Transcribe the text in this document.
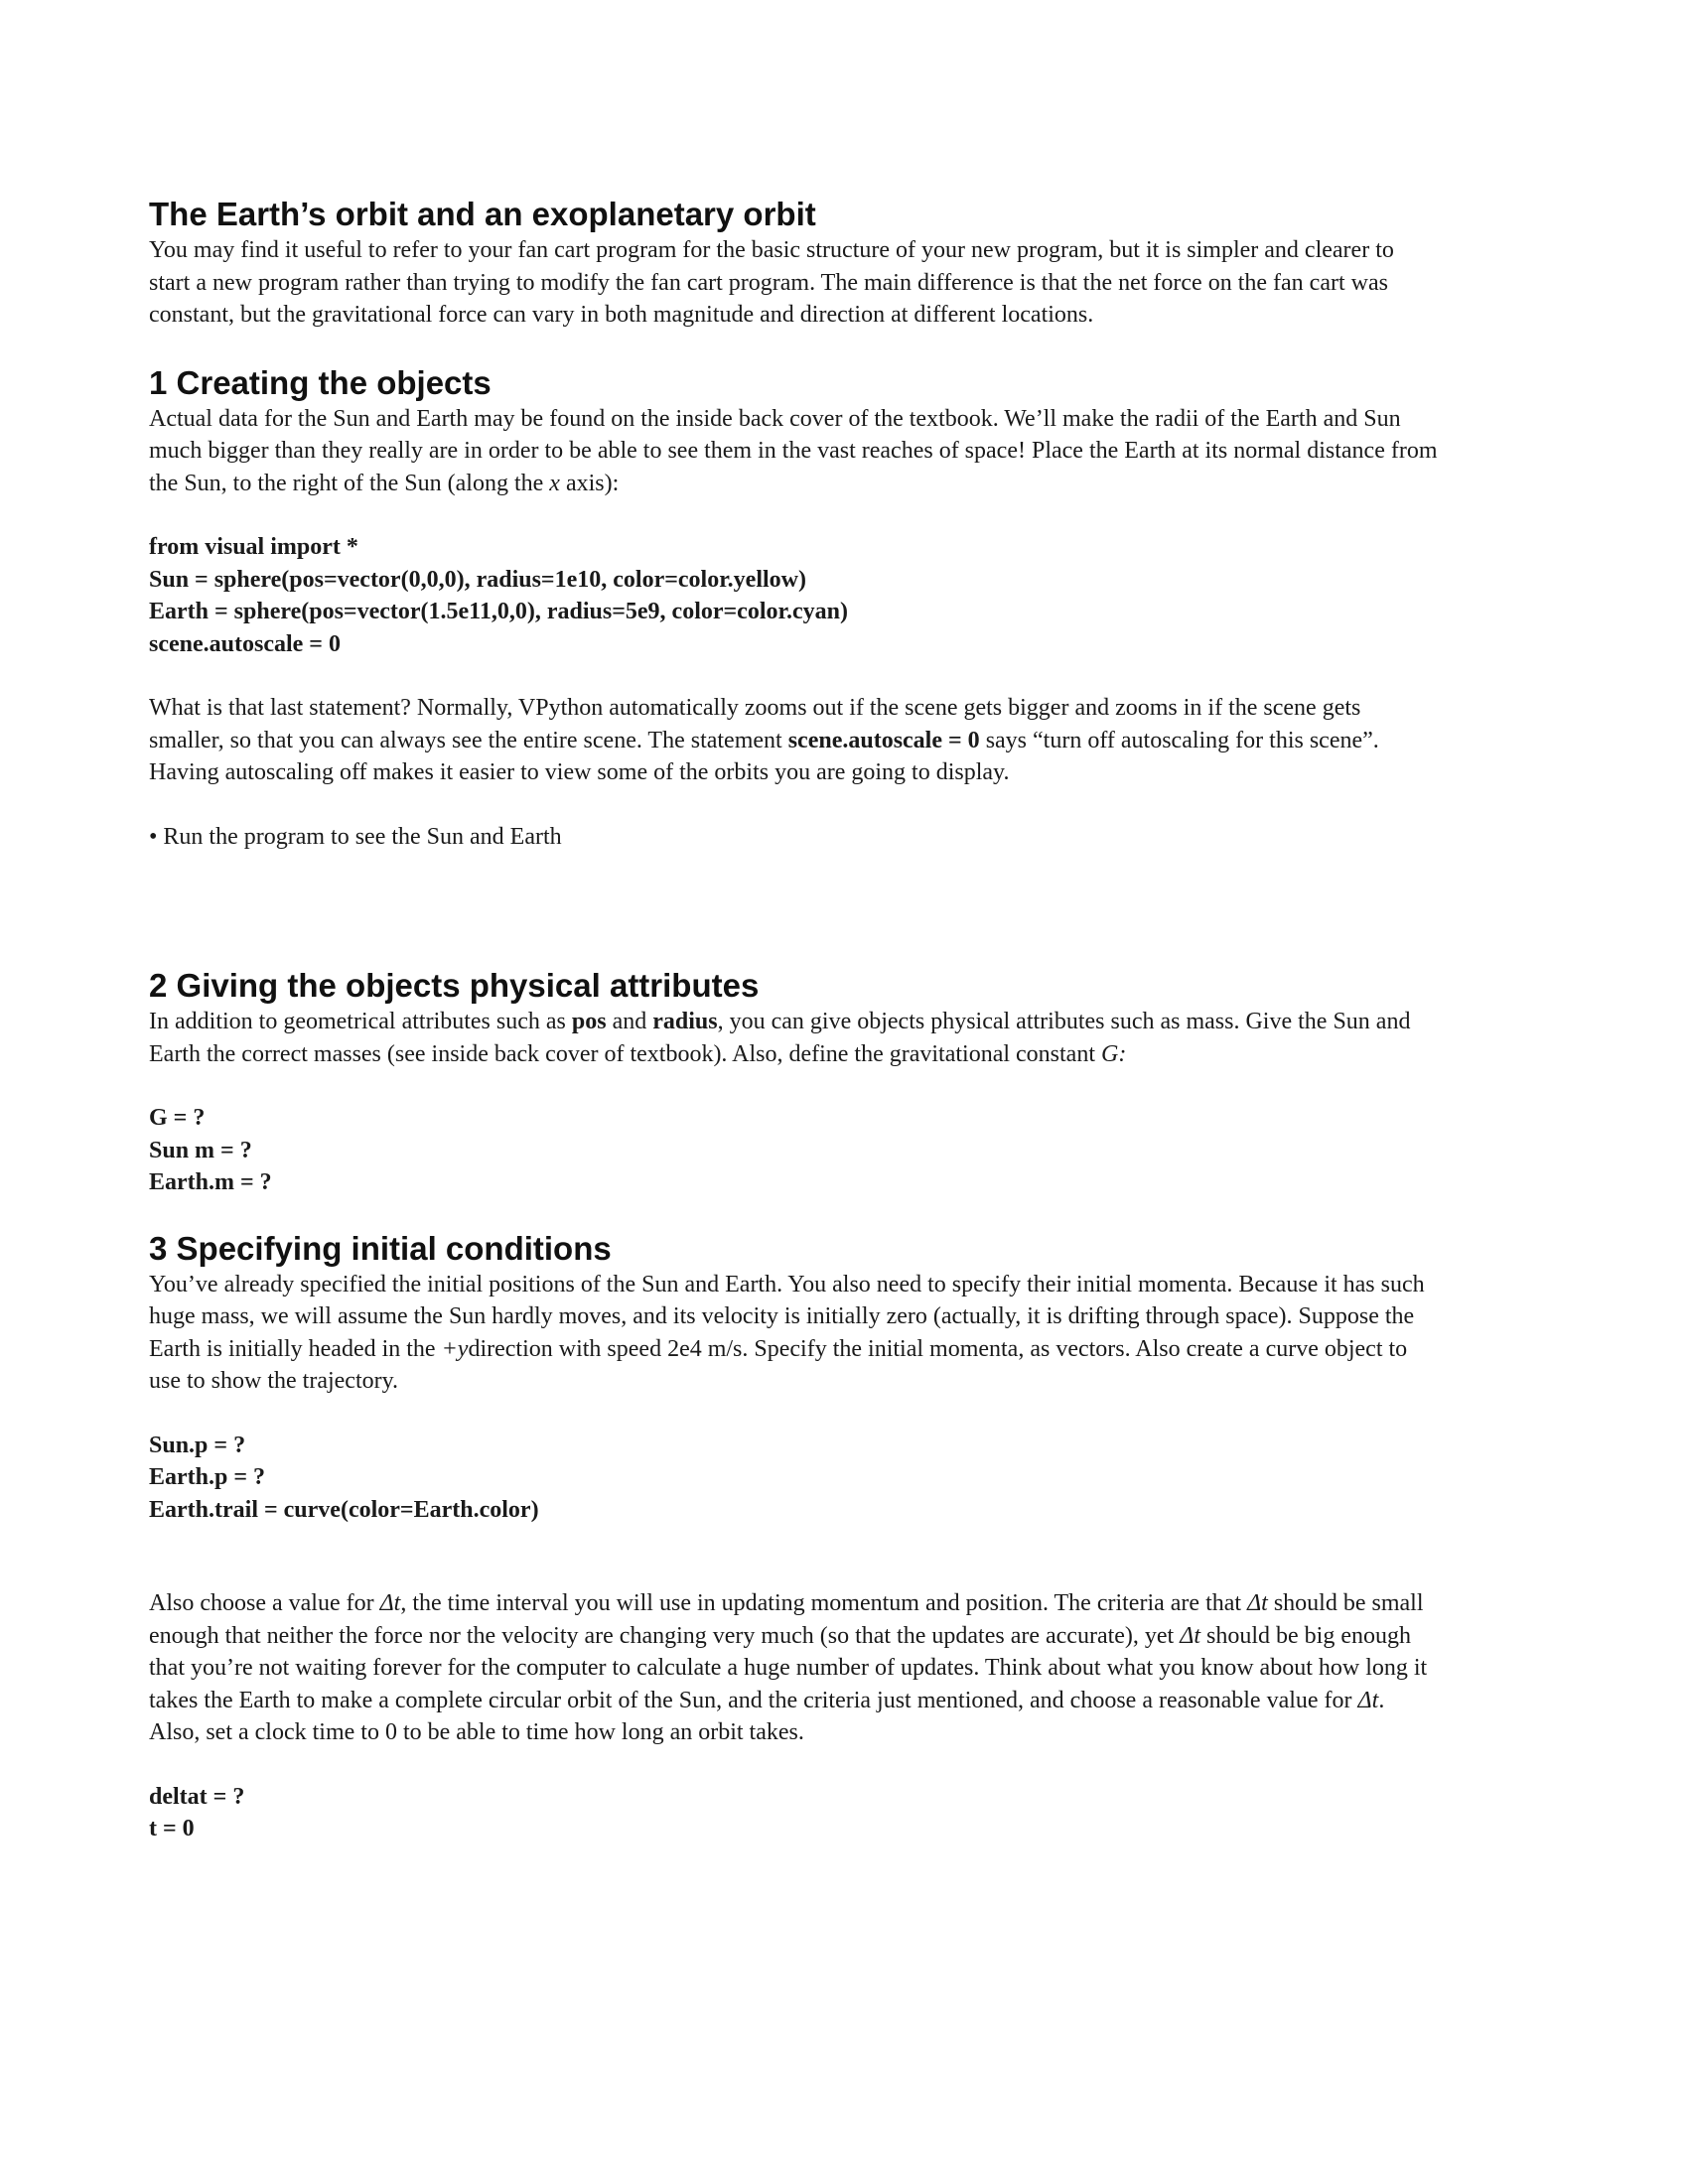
The Earth’s orbit and an exoplanetary orbit

You may find it useful to refer to your fan cart program for the basic structure of your new program, but it is simpler and clearer to start a new program rather than trying to modify the fan cart program. The main difference is that the net force on the fan cart was constant, but the gravitational force can vary in both magnitude and direction at different locations.

1 Creating the objects

Actual data for the Sun and Earth may be found on the inside back cover of the textbook. We’ll make the radii of the Earth and Sun much bigger than they really are in order to be able to see them in the vast reaches of space! Place the Earth at its normal distance from the Sun, to the right of the Sun (along the x axis):

from visual import *
Sun = sphere(pos=vector(0,0,0), radius=1e10, color=color.yellow)
Earth = sphere(pos=vector(1.5e11,0,0), radius=5e9, color=color.cyan)
scene.autoscale = 0

What is that last statement? Normally, VPython automatically zooms out if the scene gets bigger and zooms in if the scene gets smaller, so that you can always see the entire scene. The statement scene.autoscale = 0 says “turn off autoscaling for this scene”. Having autoscaling off makes it easier to view some of the orbits you are going to display.

• Run the program to see the Sun and Earth

2 Giving the objects physical attributes

In addition to geometrical attributes such as pos and radius, you can give objects physical attributes such as mass. Give the Sun and Earth the correct masses (see inside back cover of textbook). Also, define the gravitational constant G:

G = ?
Sun m = ?
Earth.m = ?
3 Specifying initial conditions

You’ve already specified the initial positions of the Sun and Earth. You also need to specify their initial momenta. Because it has such huge mass, we will assume the Sun hardly moves, and its velocity is initially zero (actually, it is drifting through space). Suppose the Earth is initially headed in the +ydirection with speed 2e4 m/s. Specify the initial momenta, as vectors. Also create a curve object to use to show the trajectory.

Sun.p = ?
Earth.p = ?
Earth.trail = curve(color=Earth.color)

Also choose a value for Δt, the time interval you will use in updating momentum and position. The criteria are that Δt should be small enough that neither the force nor the velocity are changing very much (so that the updates are accurate), yet Δt should be big enough that you’re not waiting forever for the computer to calculate a huge number of updates. Think about what you know about how long it takes the Earth to make a complete circular orbit of the Sun, and the criteria just mentioned, and choose a reasonable value for Δt. Also, set a clock time to 0 to be able to time how long an orbit takes.

deltat = ?
t = 0
